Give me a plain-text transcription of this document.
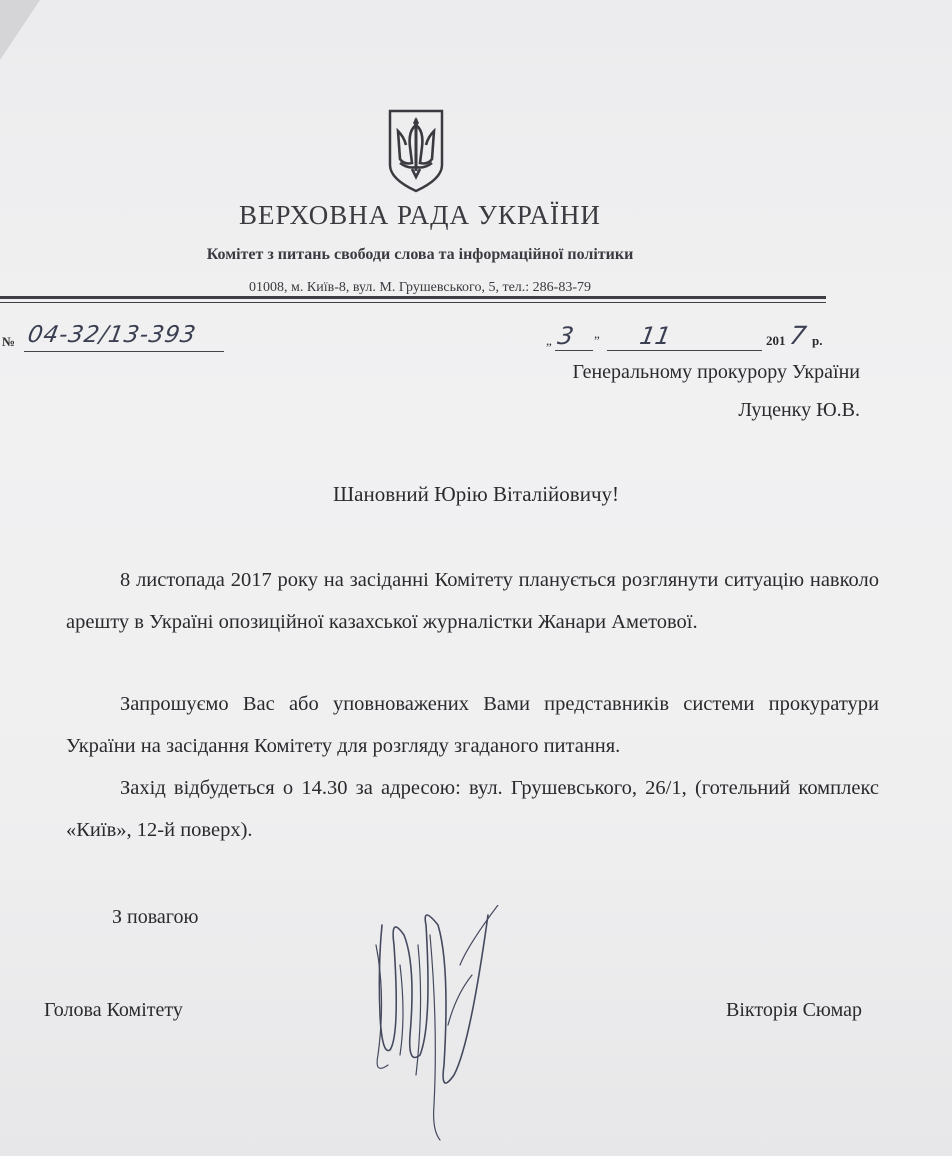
ВЕРХОВНА РАДА УКРАЇНИ
Комітет з питань свободи слова та інформаційної політики
01008, м. Київ-8, вул. М. Грушевського, 5, тел.: 286-83-79
№ 04-32/13-393	„ 3 ” 11	201 7 р.
Генеральному прокурору України
Луценку Ю.В.
Шановний Юрію Віталійовичу!
8 листопада 2017 року на засіданні Комітету планується розглянути ситуацію навколо арешту в Україні опозиційної казахської журналістки Жанари Аметової.
Запрошуємо Вас або уповноважених Вами представників системи прокуратури України на засідання Комітету для розгляду згаданого питання.
Захід відбудеться о 14.30 за адресою: вул. Грушевського, 26/1, (готельний комплекс «Київ», 12-й поверх).
З повагою
Голова Комітету	Вікторія Сюмар
